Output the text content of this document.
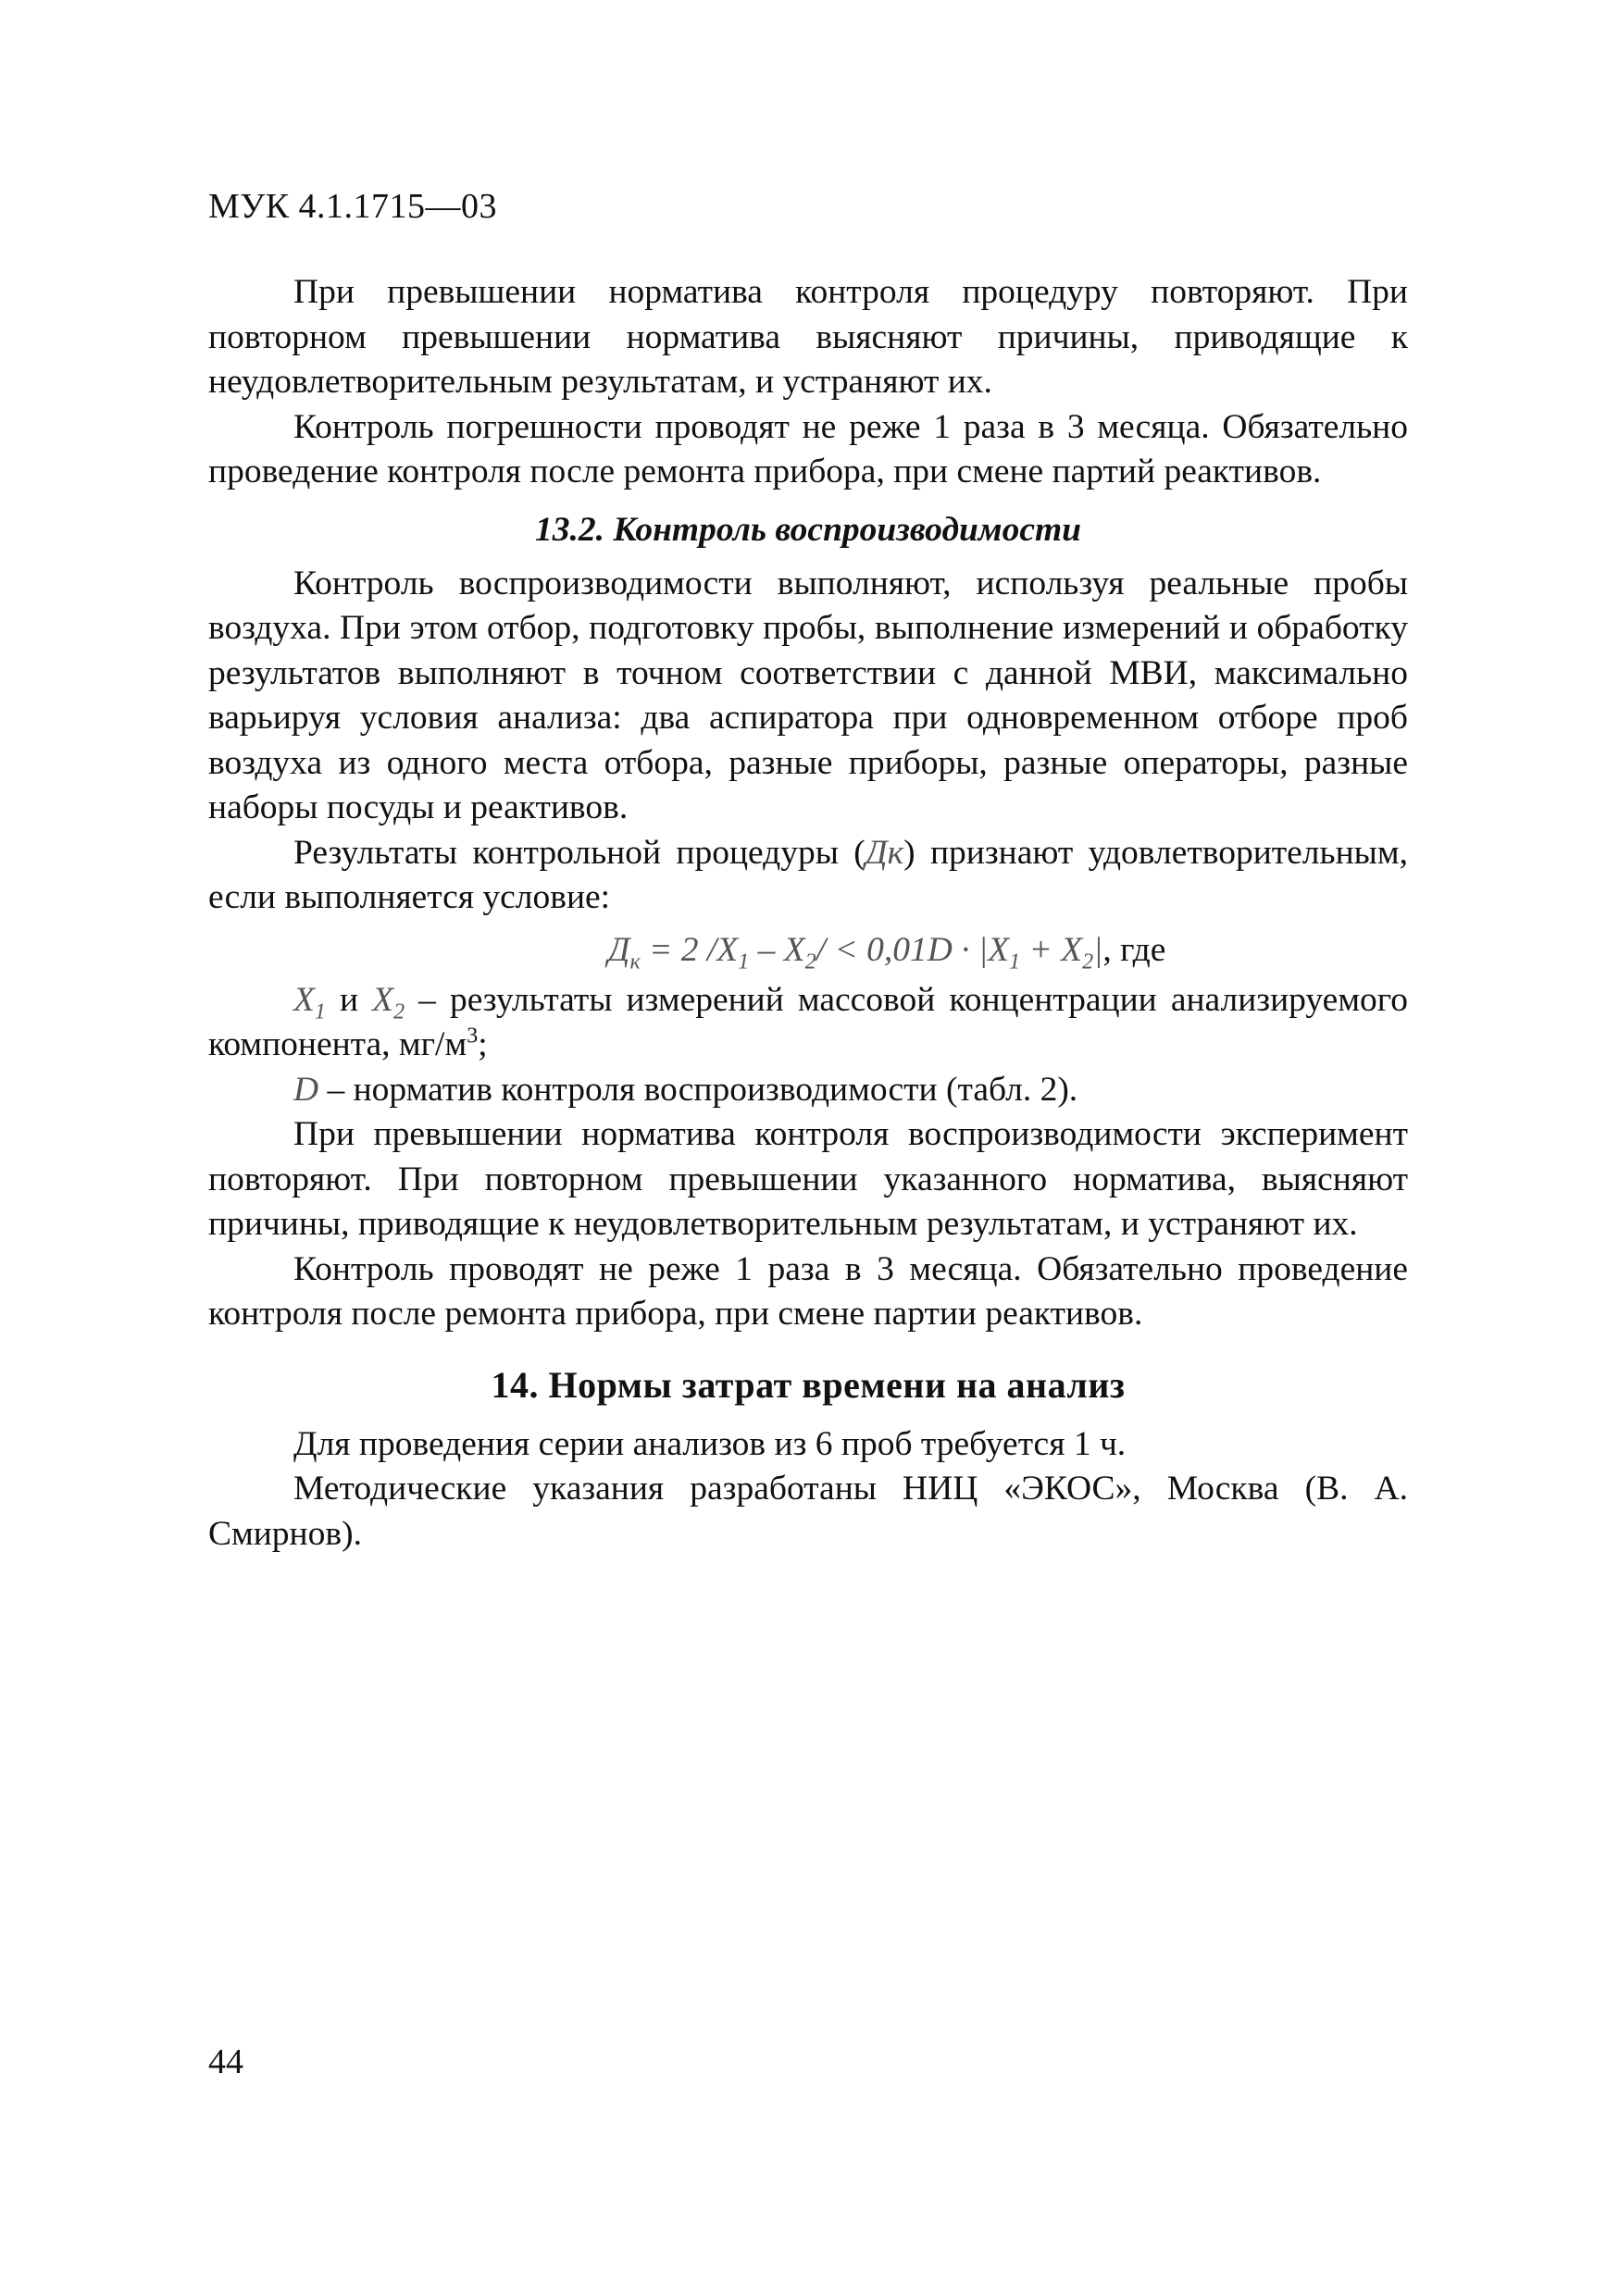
МУК 4.1.1715—03

При превышении норматива контроля процедуру повторяют. При повторном превышении норматива выясняют причины, приводящие к неудовлетворительным результатам, и устраняют их.

Контроль погрешности проводят не реже 1 раза в 3 месяца. Обязательно проведение контроля после ремонта прибора, при смене партий реактивов.

13.2. Контроль воспроизводимости

Контроль воспроизводимости выполняют, используя реальные пробы воздуха. При этом отбор, подготовку пробы, выполнение измерений и обработку результатов выполняют в точном соответствии с данной МВИ, максимально варьируя условия анализа: два аспиратора при одновременном отборе проб воздуха из одного места отбора, разные приборы, разные операторы, разные наборы посуды и реактивов.

Результаты контрольной процедуры (Дк) признают удовлетворительным, если выполняется условие:

$Д_к = 2$ $/X_1 - X_2/ < 0,01D \cdot |X_1 + X_2|$, где

$X_1$ и $X_2$ – результаты измерений массовой концентрации анализируемого компонента, $мг/м^3$;

D – норматив контроля воспроизводимости (табл. 2).

При превышении норматива контроля воспроизводимости эксперимент повторяют. При повторном превышении указанного норматива, выясняют причины, приводящие к неудовлетворительным результатам, и устраняют их.

Контроль проводят не реже 1 раза в 3 месяца. Обязательно проведение контроля после ремонта прибора, при смене партии реактивов.

14. Нормы затрат времени на анализ

Для проведения серии анализов из 6 проб требуется 1 ч.

Методические указания разработаны НИЦ «ЭКОС», Москва (В. А. Смирнов).

44
